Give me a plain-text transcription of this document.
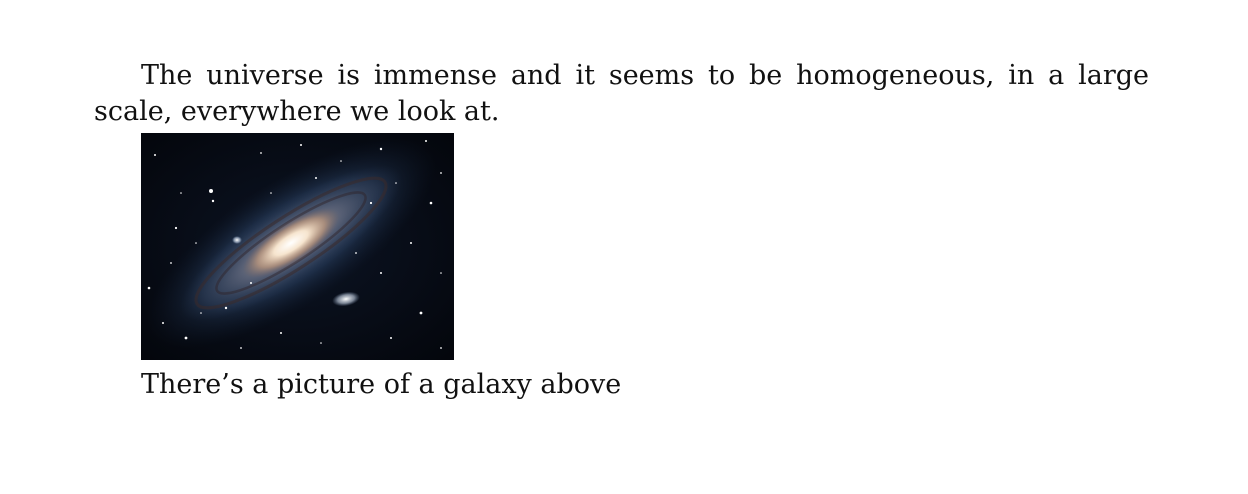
The universe is immense and it seems to be homogeneous, in a large scale, everywhere we look at.

There’s a picture of a galaxy above
